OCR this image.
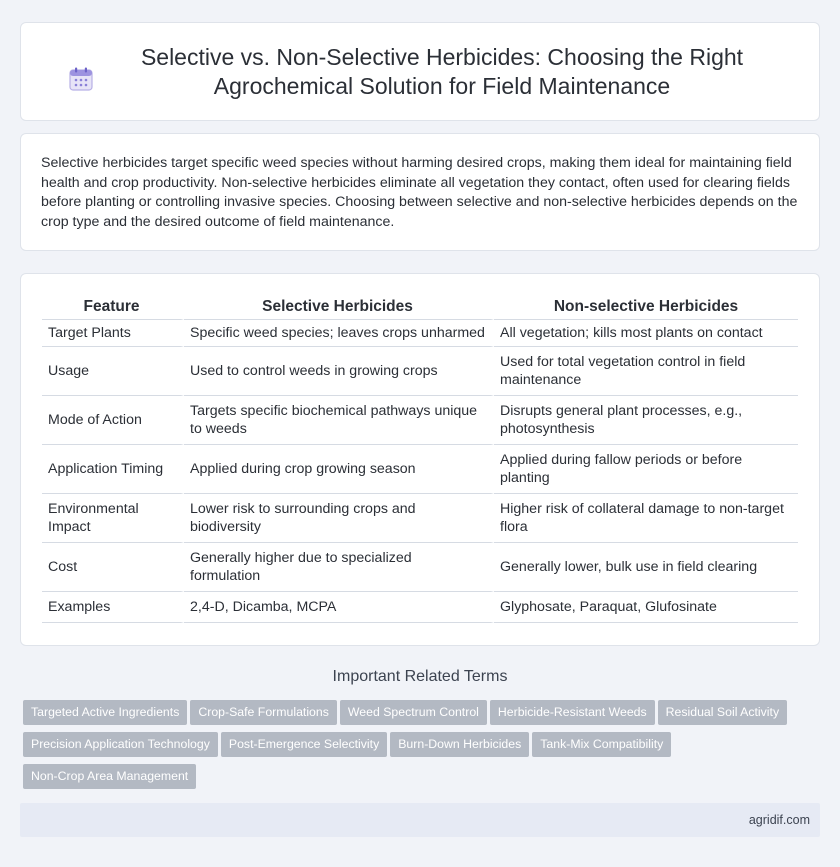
Selective vs. Non-Selective Herbicides: Choosing the Right Agrochemical Solution for Field Maintenance

Selective herbicides target specific weed species without harming desired crops, making them ideal for maintaining field health and crop productivity. Non-selective herbicides eliminate all vegetation they contact, often used for clearing fields before planting or controlling invasive species. Choosing between selective and non-selective herbicides depends on the crop type and the desired outcome of field maintenance.

Feature	Selective Herbicides	Non-selective Herbicides
Target Plants	Specific weed species; leaves crops unharmed	All vegetation; kills most plants on contact
Usage	Used to control weeds in growing crops	Used for total vegetation control in field maintenance
Mode of Action	Targets specific biochemical pathways unique to weeds	Disrupts general plant processes, e.g., photosynthesis
Application Timing	Applied during crop growing season	Applied during fallow periods or before planting
Environmental Impact	Lower risk to surrounding crops and biodiversity	Higher risk of collateral damage to non-target flora
Cost	Generally higher due to specialized formulation	Generally lower, bulk use in field clearing
Examples	2,4-D, Dicamba, MCPA	Glyphosate, Paraquat, Glufosinate
Important Related Terms
Targeted Active Ingredients Crop-Safe Formulations Weed Spectrum Control Herbicide-Resistant Weeds Residual Soil ActivityPrecision Application Technology Post-Emergence Selectivity Burn-Down Herbicides Tank-Mix CompatibilityNon-Crop Area Management
agridif.com
